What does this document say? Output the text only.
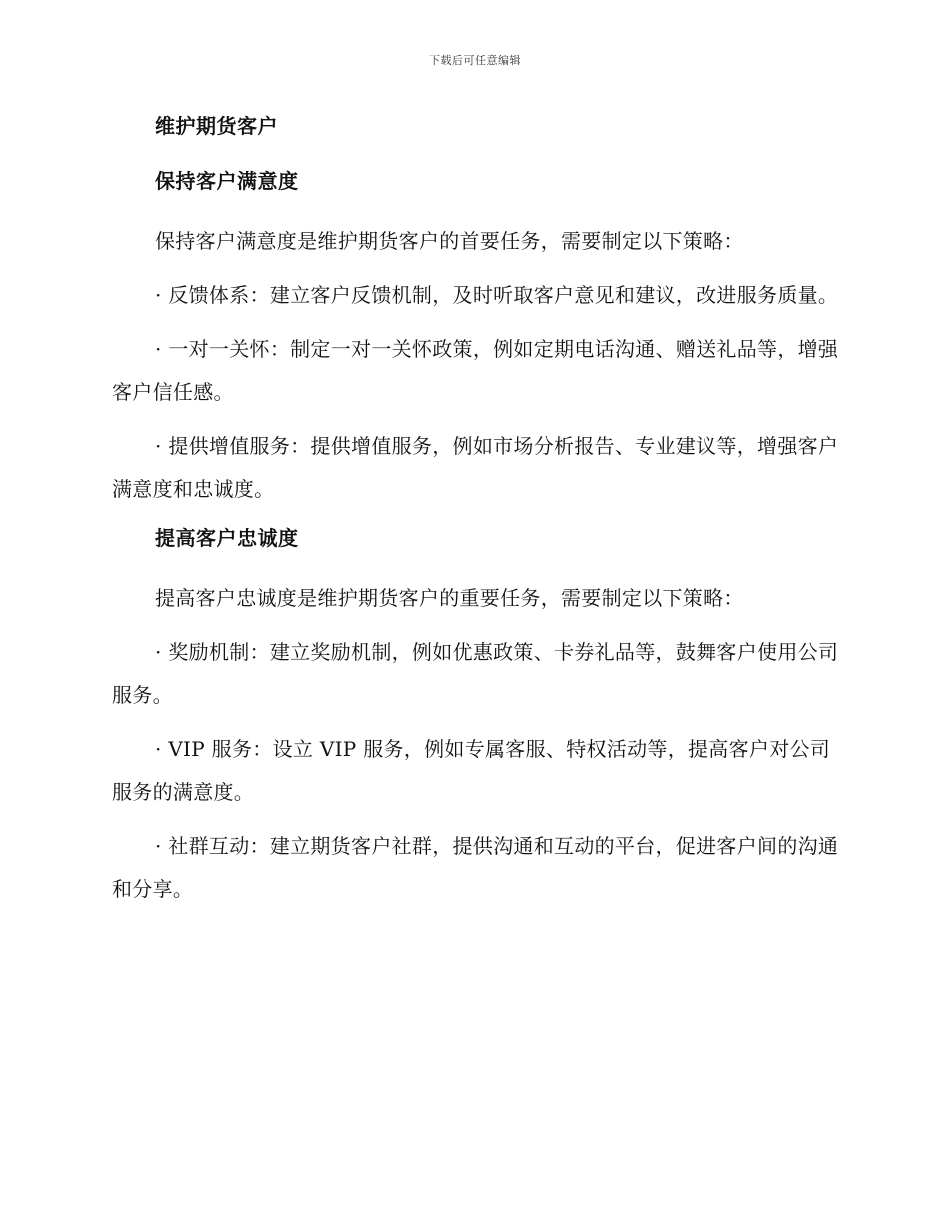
下载后可任意编辑
维护期货客户
保持客户满意度
保持客户满意度是维护期货客户的首要任务，需要制定以下策略：
· 反馈体系：建立客户反馈机制，及时听取客户意见和建议，改进服务质量。
· 一对一关怀：制定一对一关怀政策，例如定期电话沟通、赠送礼品等，增强客户信任感。
· 提供增值服务：提供增值服务，例如市场分析报告、专业建议等，增强客户满意度和忠诚度。
提高客户忠诚度
提高客户忠诚度是维护期货客户的重要任务，需要制定以下策略：
· 奖励机制：建立奖励机制，例如优惠政策、卡券礼品等，鼓舞客户使用公司服务。
· VIP 服务：设立 VIP 服务，例如专属客服、特权活动等，提高客户对公司服务的满意度。
· 社群互动：建立期货客户社群，提供沟通和互动的平台，促进客户间的沟通和分享。
